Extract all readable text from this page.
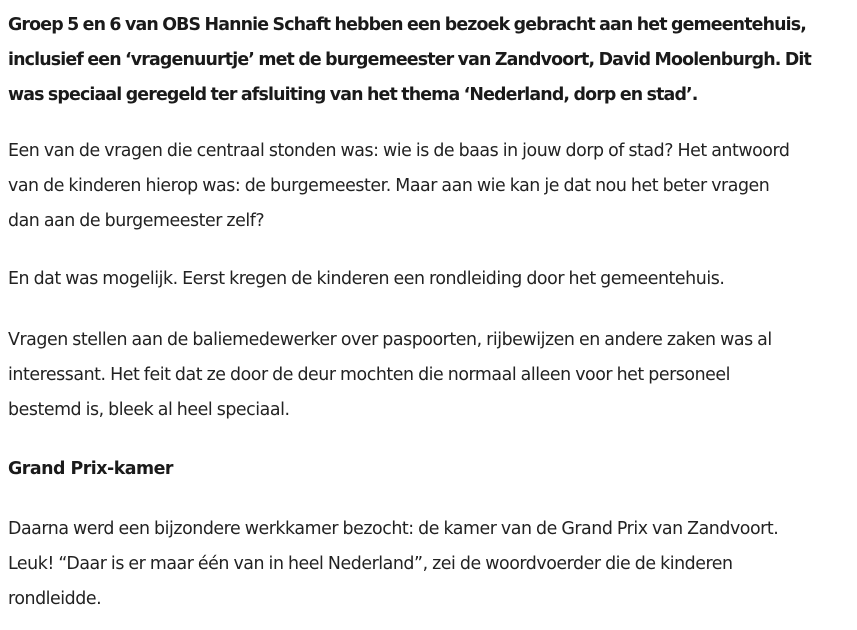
Groep 5 en 6 van OBS Hannie Schaft hebben een bezoek gebracht aan het gemeentehuis,
inclusief een ‘vragenuurtje’ met de burgemeester van Zandvoort, David Moolenburgh. Dit
was speciaal geregeld ter afsluiting van het thema ‘Nederland, dorp en stad’.

Een van de vragen die centraal stonden was: wie is de baas in jouw dorp of stad? Het antwoord
van de kinderen hierop was: de burgemeester. Maar aan wie kan je dat nou het beter vragen
dan aan de burgemeester zelf?

En dat was mogelijk. Eerst kregen de kinderen een rondleiding door het gemeentehuis.

Vragen stellen aan de baliemedewerker over paspoorten, rijbewijzen en andere zaken was al
interessant. Het feit dat ze door de deur mochten die normaal alleen voor het personeel
bestemd is, bleek al heel speciaal.

Grand Prix-kamer

Daarna werd een bijzondere werkkamer bezocht: de kamer van de Grand Prix van Zandvoort.
Leuk! “Daar is er maar één van in heel Nederland”, zei de woordvoerder die de kinderen
rondleidde.
